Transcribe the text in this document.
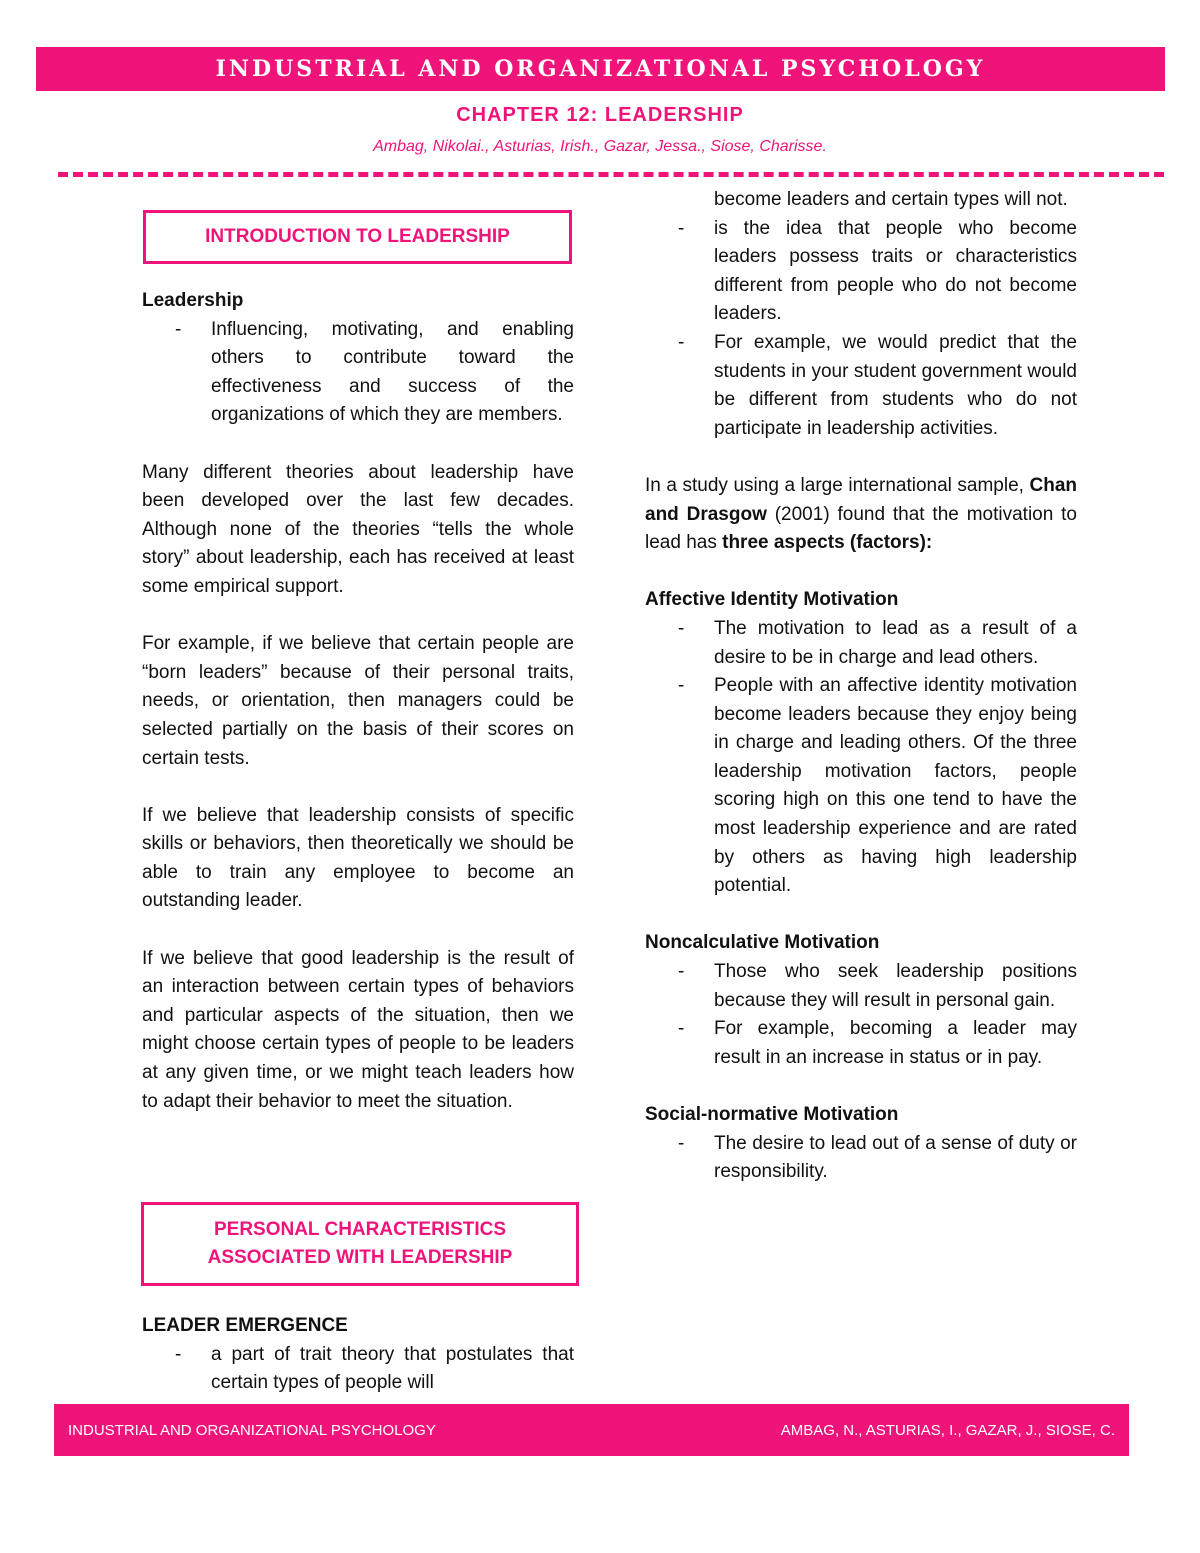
INDUSTRIAL AND ORGANIZATIONAL PSYCHOLOGY
CHAPTER 12: LEADERSHIP
Ambag, Nikolai., Asturias, Irish., Gazar, Jessa., Siose, Charisse.
INTRODUCTION TO LEADERSHIP

Leadership

- Influencing, motivating, and enabling others to contribute toward the effectiveness and success of the organizations of which they are members.

Many different theories about leadership have been developed over the last few decades. Although none of the theories “tells the whole story” about leadership, each has received at least some empirical support.

For example, if we believe that certain people are “born leaders” because of their personal traits, needs, or orientation, then managers could be selected partially on the basis of their scores on certain tests.

If we believe that leadership consists of specific skills or behaviors, then theoretically we should be able to train any employee to become an outstanding leader.

If we believe that good leadership is the result of an interaction between certain types of behaviors and particular aspects of the situation, then we might choose certain types of people to be leaders at any given time, or we might teach leaders how to adapt their behavior to meet the situation.

PERSONAL CHARACTERISTICS
ASSOCIATED WITH LEADERSHIP

LEADER EMERGENCE

- a part of trait theory that postulates that certain types of people will
become leaders and certain types will not.
- is the idea that people who become leaders possess traits or characteristics different from people who do not become leaders.
- For example, we would predict that the students in your student government would be different from students who do not participate in leadership activities.

In a study using a large international sample, Chan and Drasgow (2001) found that the motivation to lead has three aspects (factors):

Affective Identity Motivation

- The motivation to lead as a result of a desire to be in charge and lead others.
- People with an affective identity motivation become leaders because they enjoy being in charge and leading others. Of the three leadership motivation factors, people scoring high on this one tend to have the most leadership experience and are rated by others as having high leadership potential.

Noncalculative Motivation

- Those who seek leadership positions because they will result in personal gain.
- For example, becoming a leader may result in an increase in status or in pay.

Social-normative Motivation

- The desire to lead out of a sense of duty or responsibility.
INDUSTRIAL AND ORGANIZATIONAL PSYCHOLOGY	AMBAG, N., ASTURIAS, I., GAZAR, J., SIOSE, C.
